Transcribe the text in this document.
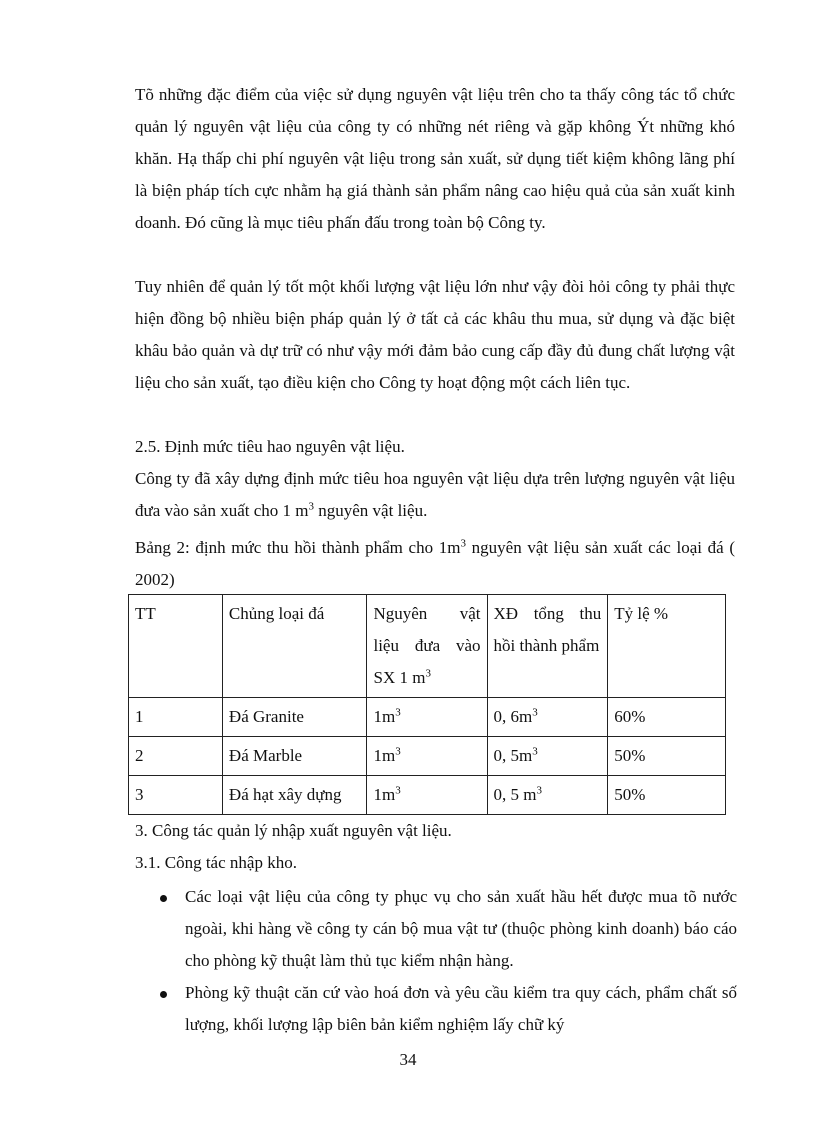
Tõ những đặc điểm của việc sử dụng nguyên vật liệu trên cho ta thấy công tác tổ chức quản lý nguyên vật liệu của công ty có những nét riêng và gặp không Ýt những khó khăn. Hạ thấp chi phí nguyên vật liệu trong sản xuất, sử dụng tiết kiệm không lãng phí là biện pháp tích cực nhằm hạ giá thành sản phẩm nâng cao hiệu quả của sản xuất kinh doanh. Đó cũng là mục tiêu phấn đấu trong toàn bộ Công ty.

Tuy nhiên để quản lý tốt một khối lượng vật liệu lớn như vậy đòi hỏi công ty phải thực hiện đồng bộ nhiều biện pháp quản lý ở tất cả các khâu thu mua, sử dụng và đặc biệt khâu bảo quản và dự trữ có như vậy mới đảm bảo cung cấp đầy đủ đung chất lượng vật liệu cho sản xuất, tạo điều kiện cho Công ty hoạt động một cách liên tục.

2.5. Định mức tiêu hao nguyên vật liệu.

Công ty đã xây dựng định mức tiêu hoa nguyên vật liệu dựa trên lượng nguyên vật liệu đưa vào sản xuất cho 1 $m^3$ nguyên vật liệu.

Bảng 2: định mức thu hồi thành phẩm cho $1m^3$ nguyên vật liệu sản xuất các loại đá ( 2002)

TT	Chủng loại đá	Nguyên vật liệu đưa vào SX 1 $m^3$	XĐ tổng thu hồi thành phẩm	Tỷ lệ %
1	Đá Granite	$1m^3$	0, $6m^3$	60%
2	Đá Marble	$1m^3$	0, $5m^3$	50%
3	Đá hạt xây dựng	$1m^3$	0, 5 $m^3$	50%

3. Công tác quản lý nhập xuất nguyên vật liệu.

3.1. Công tác nhập kho.

Các loại vật liệu của công ty phục vụ cho sản xuất hầu hết được mua tõ nước ngoài, khi hàng về công ty cán bộ mua vật tư (thuộc phòng kinh doanh) báo cáo cho phòng kỹ thuật làm thủ tục kiểm nhận hàng.
Phòng kỹ thuật căn cứ vào hoá đơn và yêu cầu kiểm tra quy cách, phẩm chất số lượng, khối lượng lập biên bản kiểm nghiệm lấy chữ ký
34
